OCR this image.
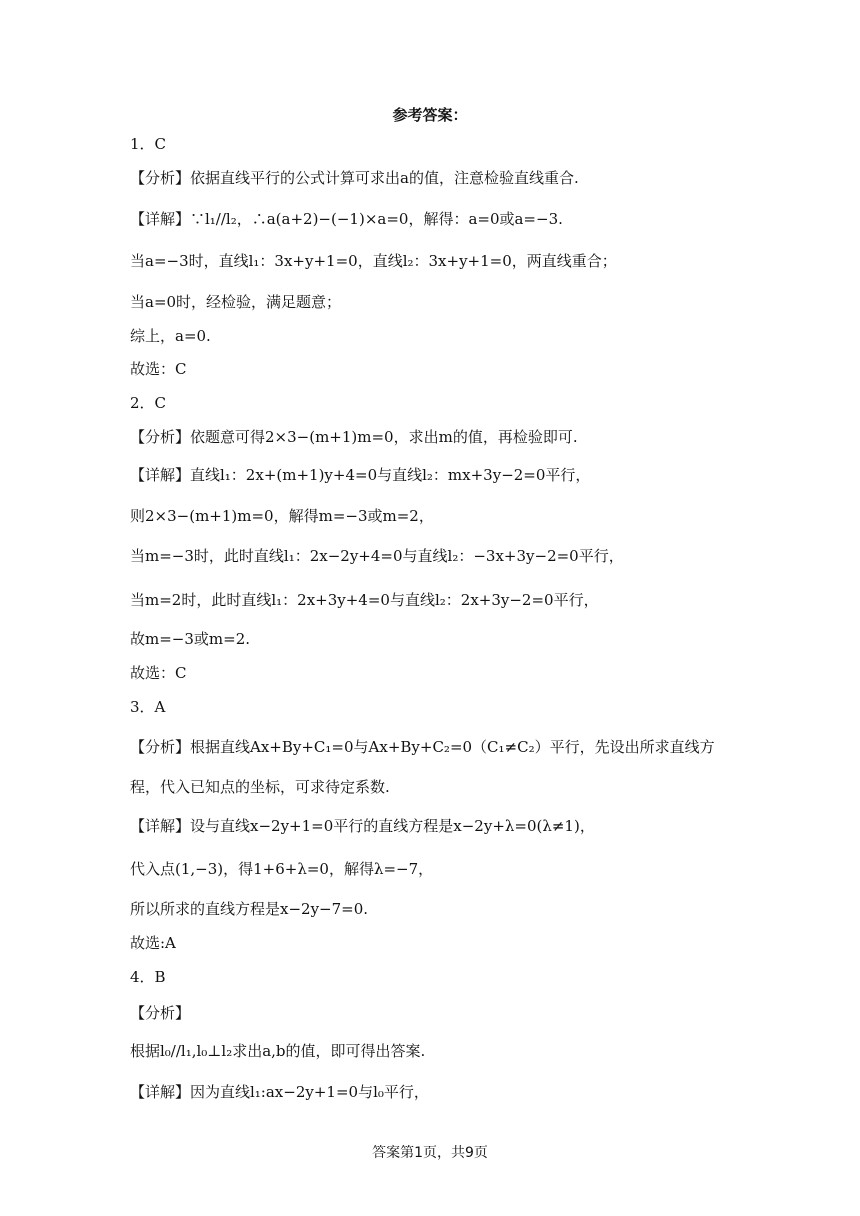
参考答案：
1．C
【分析】依据直线平行的公式计算可求出a的值，注意检验直线重合.
【详解】∵l₁//l₂，∴a(a+2)−(−1)×a=0，解得：a=0或a=−3.
当a=−3时，直线l₁：3x+y+1=0，直线l₂：3x+y+1=0，两直线重合；
当a=0时，经检验，满足题意；
综上，a=0.
故选：C
2．C
【分析】依题意可得2×3−(m+1)m=0，求出m的值，再检验即可.
【详解】直线l₁：2x+(m+1)y+4=0与直线l₂：mx+3y−2=0平行，
则2×3−(m+1)m=0，解得m=−3或m=2，
当m=−3时，此时直线l₁：2x−2y+4=0与直线l₂：−3x+3y−2=0平行，
当m=2时，此时直线l₁：2x+3y+4=0与直线l₂：2x+3y−2=0平行，
故m=−3或m=2.
故选：C
3．A
【分析】根据直线Ax+By+C₁=0与Ax+By+C₂=0（C₁≠C₂）平行，先设出所求直线方
程，代入已知点的坐标，可求待定系数.
【详解】设与直线x−2y+1=0平行的直线方程是x−2y+λ=0(λ≠1)，
代入点(1,−3)，得1+6+λ=0，解得λ=−7，
所以所求的直线方程是x−2y−7=0.
故选:A
4．B
【分析】
根据l₀//l₁,l₀⊥l₂求出a,b的值，即可得出答案.
【详解】因为直线l₁:ax−2y+1=0与l₀平行，
答案第1页，共9页
